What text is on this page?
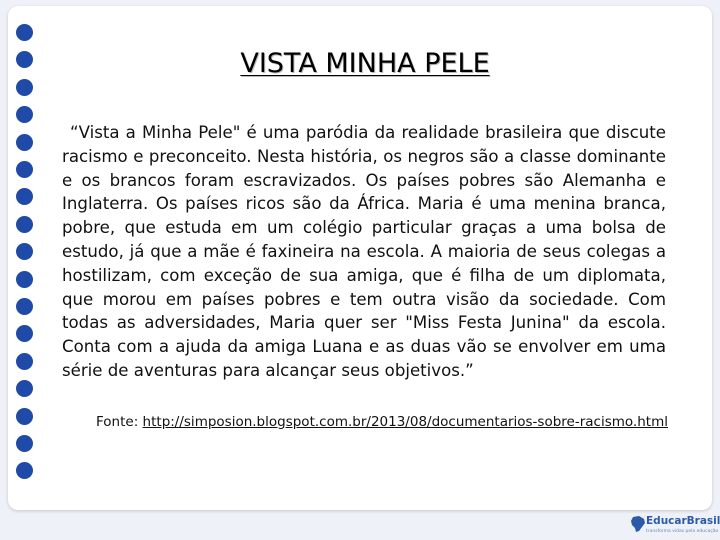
VISTA MINHA PELE
“Vista a Minha Pele" é uma paródia da realidade brasileira que discute racismo e preconceito. Nesta história, os negros são a classe dominante e os brancos foram escravizados. Os países pobres são Alemanha e Inglaterra. Os países ricos são da África. Maria é uma menina branca, pobre, que estuda em um colégio particular graças a uma bolsa de estudo, já que a mãe é faxineira na escola. A maioria de seus colegas a hostilizam, com exceção de sua amiga, que é filha de um diplomata, que morou em países pobres e tem outra visão da sociedade. Com todas as adversidades, Maria quer ser "Miss Festa Junina" da escola. Conta com a ajuda da amiga Luana e as duas vão se envolver em uma série de aventuras para alcançar seus objetivos.”
Fonte: http://simposion.blogspot.com.br/2013/08/documentarios-sobre-racismo.html
EducarBrasil
transforma vidas pela educação
